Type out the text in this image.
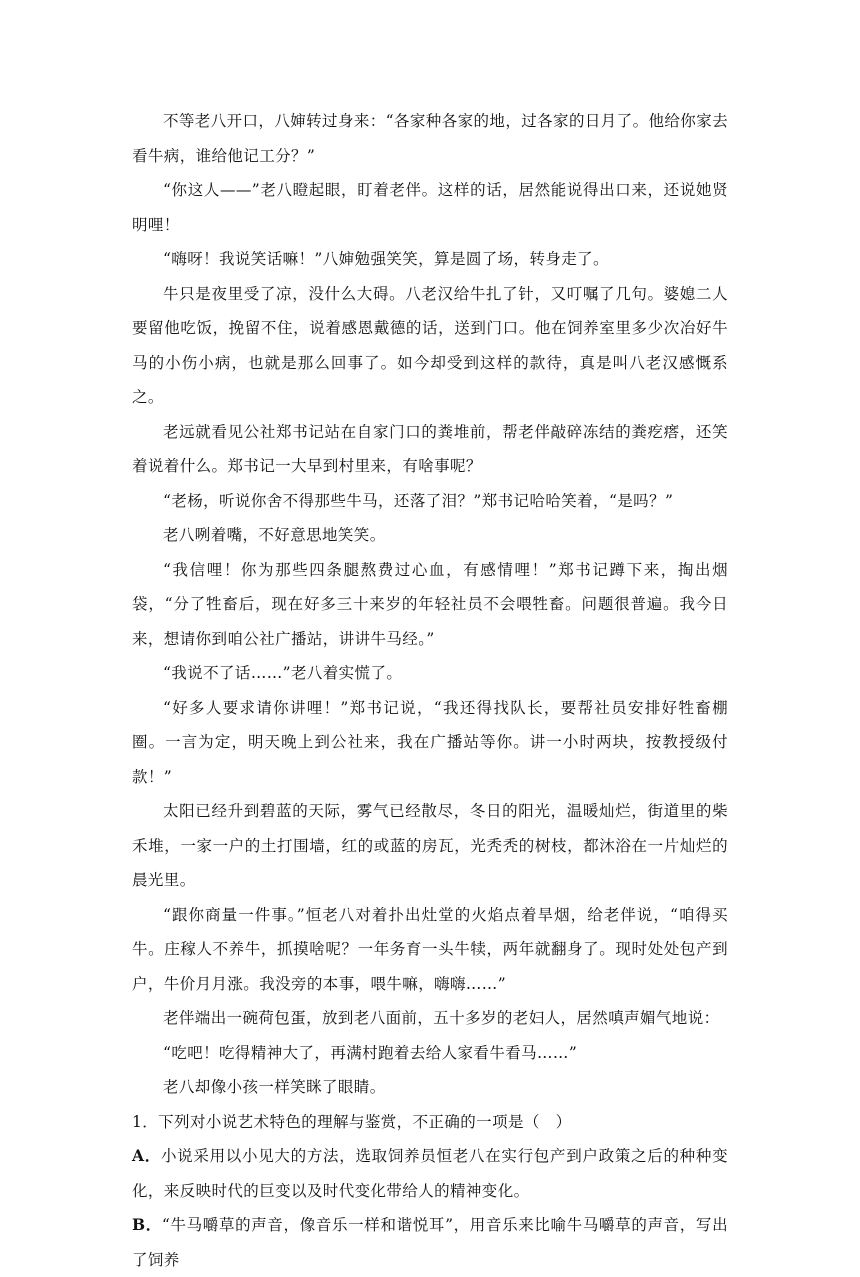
不等老八开口，八婶转过身来：“各家种各家的地，过各家的日月了。他给你家去看牛病，谁给他记工分？”

“你这人——”老八瞪起眼，盯着老伴。这样的话，居然能说得出口来，还说她贤明哩！

“嗨呀！我说笑话嘛！”八婶勉强笑笑，算是圆了场，转身走了。

牛只是夜里受了凉，没什么大碍。八老汉给牛扎了针，又叮嘱了几句。婆媳二人要留他吃饭，挽留不住，说着感恩戴德的话，送到门口。他在饲养室里多少次冶好牛马的小伤小病，也就是那么回事了。如今却受到这样的款待，真是叫八老汉感慨系之。

老远就看见公社郑书记站在自家门口的粪堆前，帮老伴敲碎冻结的粪疙瘩，还笑着说着什么。郑书记一大早到村里来，有啥事呢？

“老杨，听说你舍不得那些牛马，还落了泪？”郑书记哈哈笑着，“是吗？”

老八咧着嘴，不好意思地笑笑。

“我信哩！你为那些四条腿熬费过心血，有感情哩！”郑书记蹲下来，掏出烟袋，“分了牲畜后，现在好多三十来岁的年轻社员不会喂牲畜。问题很普遍。我今日来，想请你到咱公社广播站，讲讲牛马经。”

“我说不了话……”老八着实慌了。

“好多人要求请你讲哩！”郑书记说，“我还得找队长，要帮社员安排好牲畜棚圈。一言为定，明天晚上到公社来，我在广播站等你。讲一小时两块，按教授级付款！”

太阳已经升到碧蓝的天际，雾气已经散尽，冬日的阳光，温暖灿烂，街道里的柴禾堆，一家一户的土打围墙，红的或蓝的房瓦，光秃秃的树枝，都沐浴在一片灿烂的晨光里。

“跟你商量一件事。”恒老八对着扑出灶堂的火焰点着旱烟，给老伴说，“咱得买牛。庄稼人不养牛，抓摸啥呢？一年务育一头牛犊，两年就翻身了。现时处处包产到户，牛价月月涨。我没旁的本事，喂牛嘛，嗨嗨……”

老伴端出一碗荷包蛋，放到老八面前，五十多岁的老妇人，居然嗔声媚气地说：

“吃吧！吃得精神大了，再满村跑着去给人家看牛看马……”

老八却像小孩一样笑眯了眼睛。

1．下列对小说艺术特色的理解与鉴赏，不正确的一项是（　）

A．小说采用以小见大的方法，选取饲养员恒老八在实行包产到户政策之后的种种变化，来反映时代的巨变以及时代变化带给人的精神变化。

B．“牛马嚼草的声音，像音乐一样和谐悦耳”，用音乐来比喻牛马嚼草的声音，写出了饲养
